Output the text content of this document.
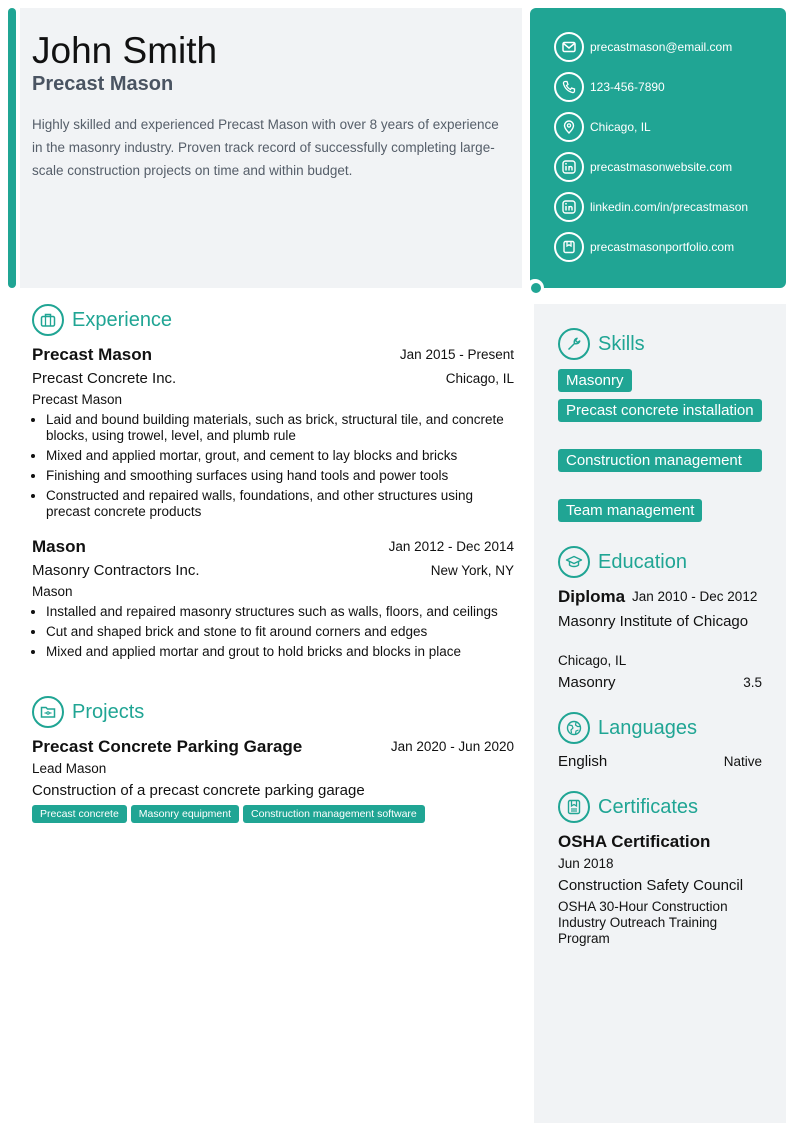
John Smith
Precast Mason
Highly skilled and experienced Precast Mason with over 8 years of experience in the masonry industry. Proven track record of successfully completing large-scale construction projects on time and within budget.
precastmason@email.com
123-456-7890
Chicago, IL
precastmasonwebsite.com
linkedin.com/in/precastmason
precastmasonportfolio.com
Experience
Precast Mason	Jan 2015 - Present
Precast Concrete Inc.	Chicago, IL
Precast Mason
• Laid and bound building materials, such as brick, structural tile, and concrete blocks, using trowel, level, and plumb rule
• Mixed and applied mortar, grout, and cement to lay blocks and bricks
• Finishing and smoothing surfaces using hand tools and power tools
• Constructed and repaired walls, foundations, and other structures using precast concrete products
Mason	Jan 2012 - Dec 2014
Masonry Contractors Inc.	New York, NY
Mason
• Installed and repaired masonry structures such as walls, floors, and ceilings
• Cut and shaped brick and stone to fit around corners and edges
• Mixed and applied mortar and grout to hold bricks and blocks in place
Projects
Precast Concrete Parking Garage	Jan 2020 - Jun 2020
Lead Mason
Construction of a precast concrete parking garage
Precast concrete Masonry equipment Construction management software
Skills
Masonry
Precast concrete installation
Construction management
Team management
Education
Diploma Jan 2010 - Dec 2012
Masonry Institute of Chicago
Chicago, IL
Masonry	3.5
Languages
English	Native
Certificates
OSHA Certification
Jun 2018
Construction Safety Council
OSHA 30-Hour Construction Industry Outreach Training Program
